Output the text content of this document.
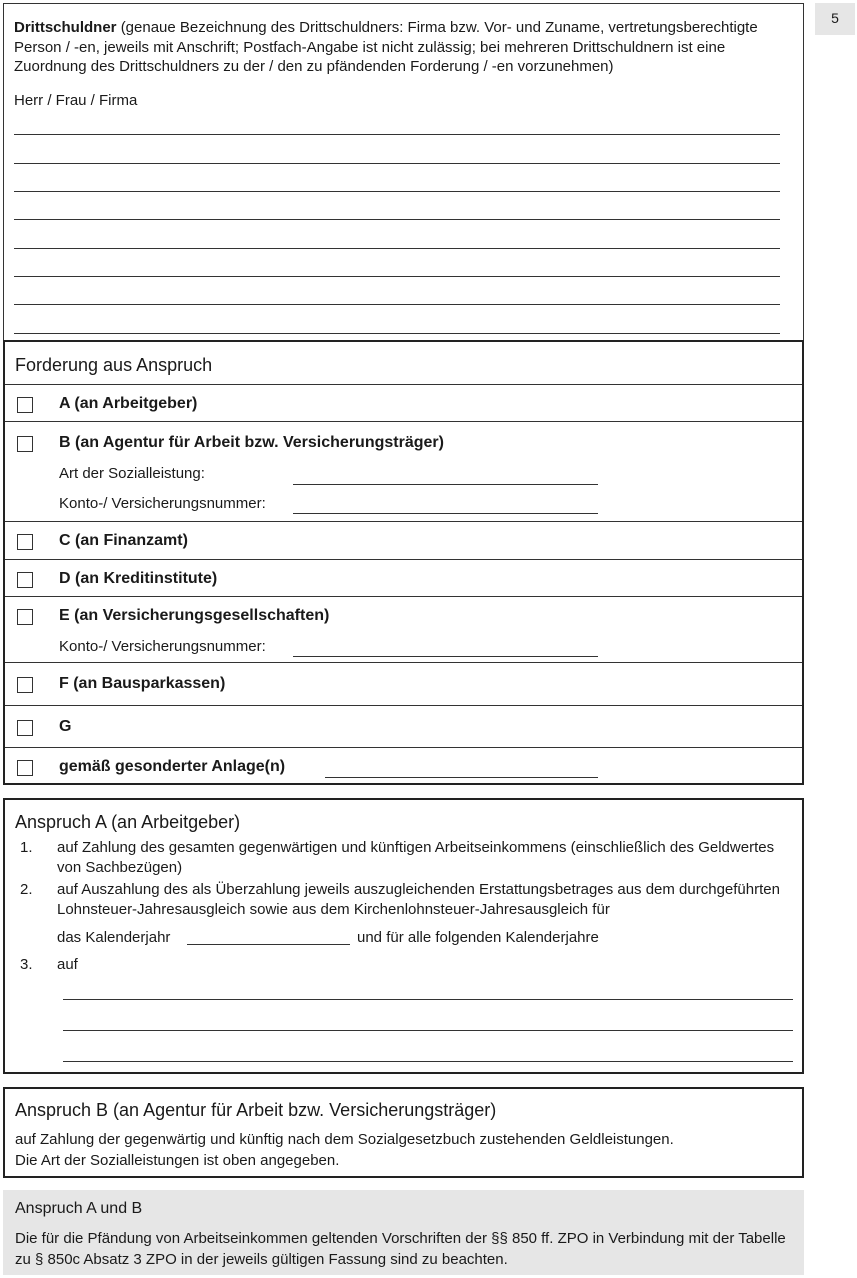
5
Drittschuldner (genaue Bezeichnung des Drittschuldners: Firma bzw. Vor- und Zuname, vertretungsberechtigte Person / -en, jeweils mit Anschrift; Postfach-Angabe ist nicht zulässig; bei mehreren Drittschuldnern ist eine Zuordnung des Drittschuldners zu der / den zu pfändenden Forderung / -en vorzunehmen)
Herr / Frau / Firma
Forderung aus Anspruch
A (an Arbeitgeber)
B (an Agentur für Arbeit bzw. Versicherungsträger)
Art der Sozialleistung:
Konto-/ Versicherungsnummer:
C (an Finanzamt)
D (an Kreditinstitute)
E (an Versicherungsgesellschaften)
Konto-/ Versicherungsnummer:
F (an Bausparkassen)
G
gemäß gesonderter Anlage(n)
Anspruch A (an Arbeitgeber)
1. auf Zahlung des gesamten gegenwärtigen und künftigen Arbeitseinkommens (einschließlich des Geldwertes von Sachbezügen)
2. auf Auszahlung des als Überzahlung jeweils auszugleichenden Erstattungsbetrages aus dem durchgeführten Lohnsteuer-Jahresausgleich sowie aus dem Kirchenlohnsteuer-Jahresausgleich für
das Kalenderjahr	und für alle folgenden Kalenderjahre
3. auf
Anspruch B (an Agentur für Arbeit bzw. Versicherungsträger)
auf Zahlung der gegenwärtig und künftig nach dem Sozialgesetzbuch zustehenden Geldleistungen.
Die Art der Sozialleistungen ist oben angegeben.
Anspruch A und B
Die für die Pfändung von Arbeitseinkommen geltenden Vorschriften der §§ 850 ff. ZPO in Verbindung mit der Tabelle zu § 850c Absatz 3 ZPO in der jeweils gültigen Fassung sind zu beachten.
